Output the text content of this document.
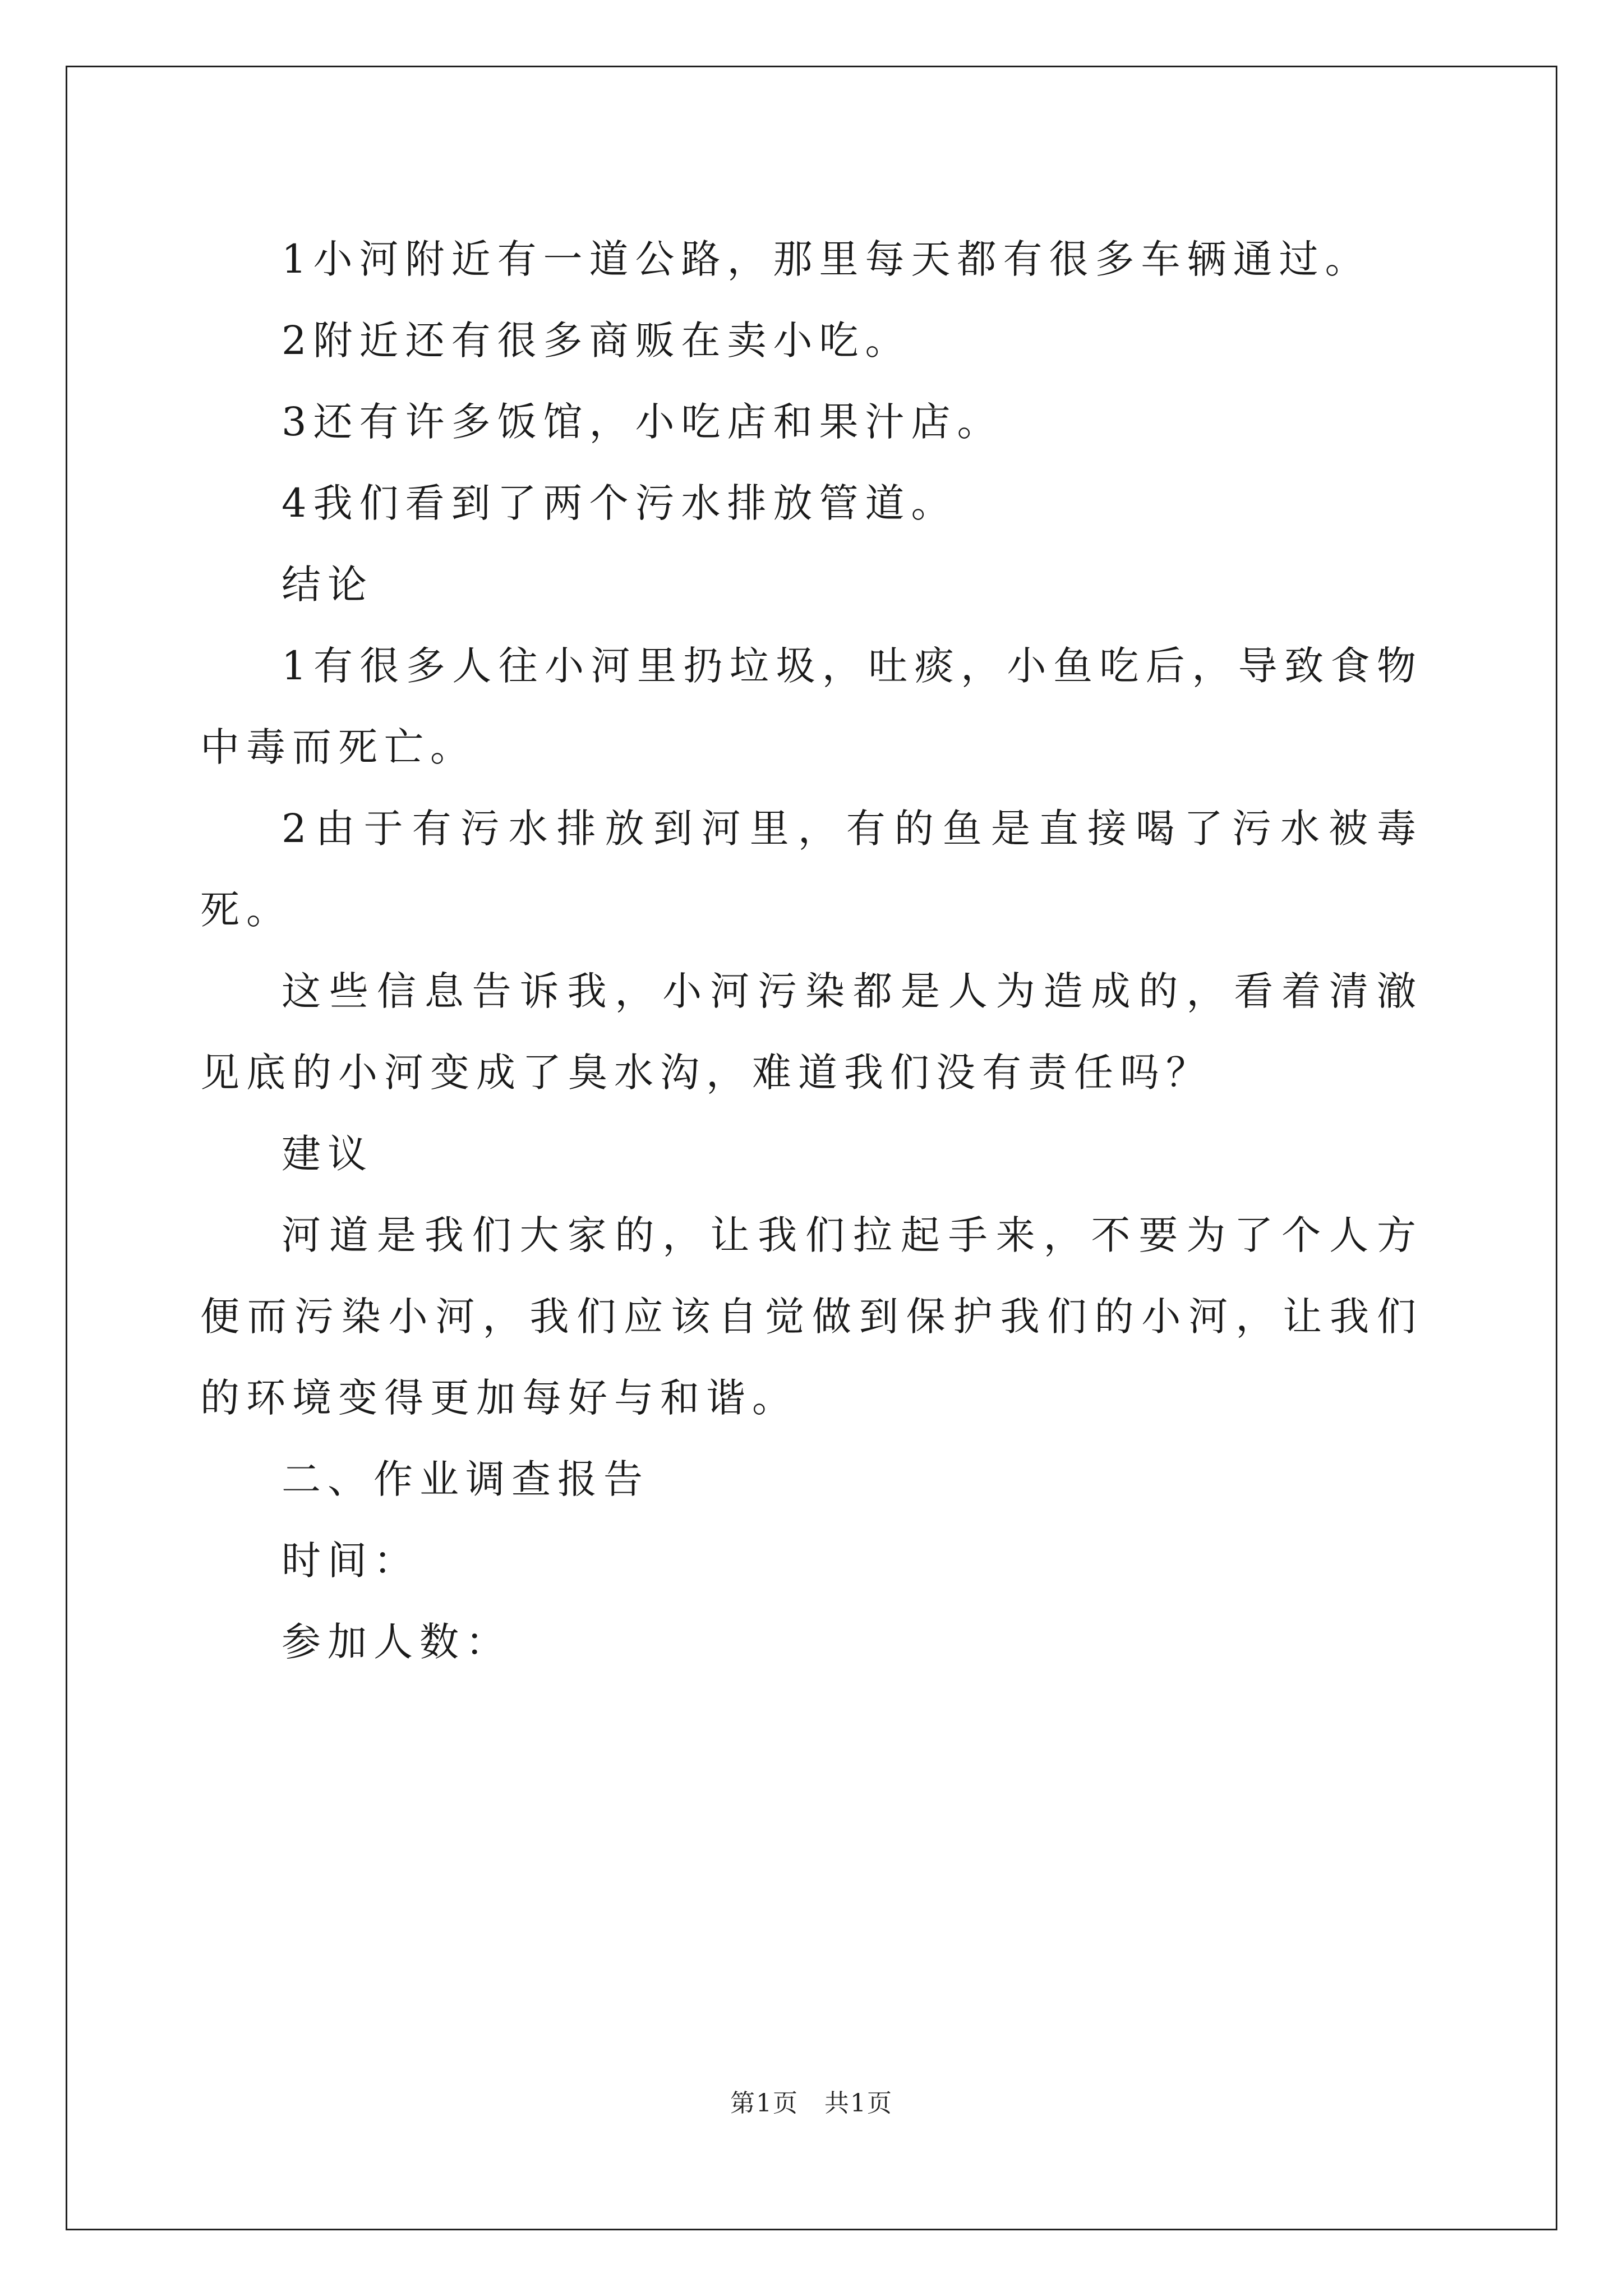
1小河附近有一道公路，那里每天都有很多车辆通过。

2附近还有很多商贩在卖小吃。

3还有许多饭馆，小吃店和果汁店。

4我们看到了两个污水排放管道。

结论

1有很多人往小河里扔垃圾，吐痰，小鱼吃后，导致食物中毒而死亡。

2由于有污水排放到河里，有的鱼是直接喝了污水被毒死。

这些信息告诉我，小河污染都是人为造成的，看着清澈见底的小河变成了臭水沟，难道我们没有责任吗？

建议

河道是我们大家的，让我们拉起手来，不要为了个人方便而污染小河，我们应该自觉做到保护我们的小河，让我们的环境变得更加每好与和谐。

二、作业调查报告

时间：

参加人数：

第1页 共1页
